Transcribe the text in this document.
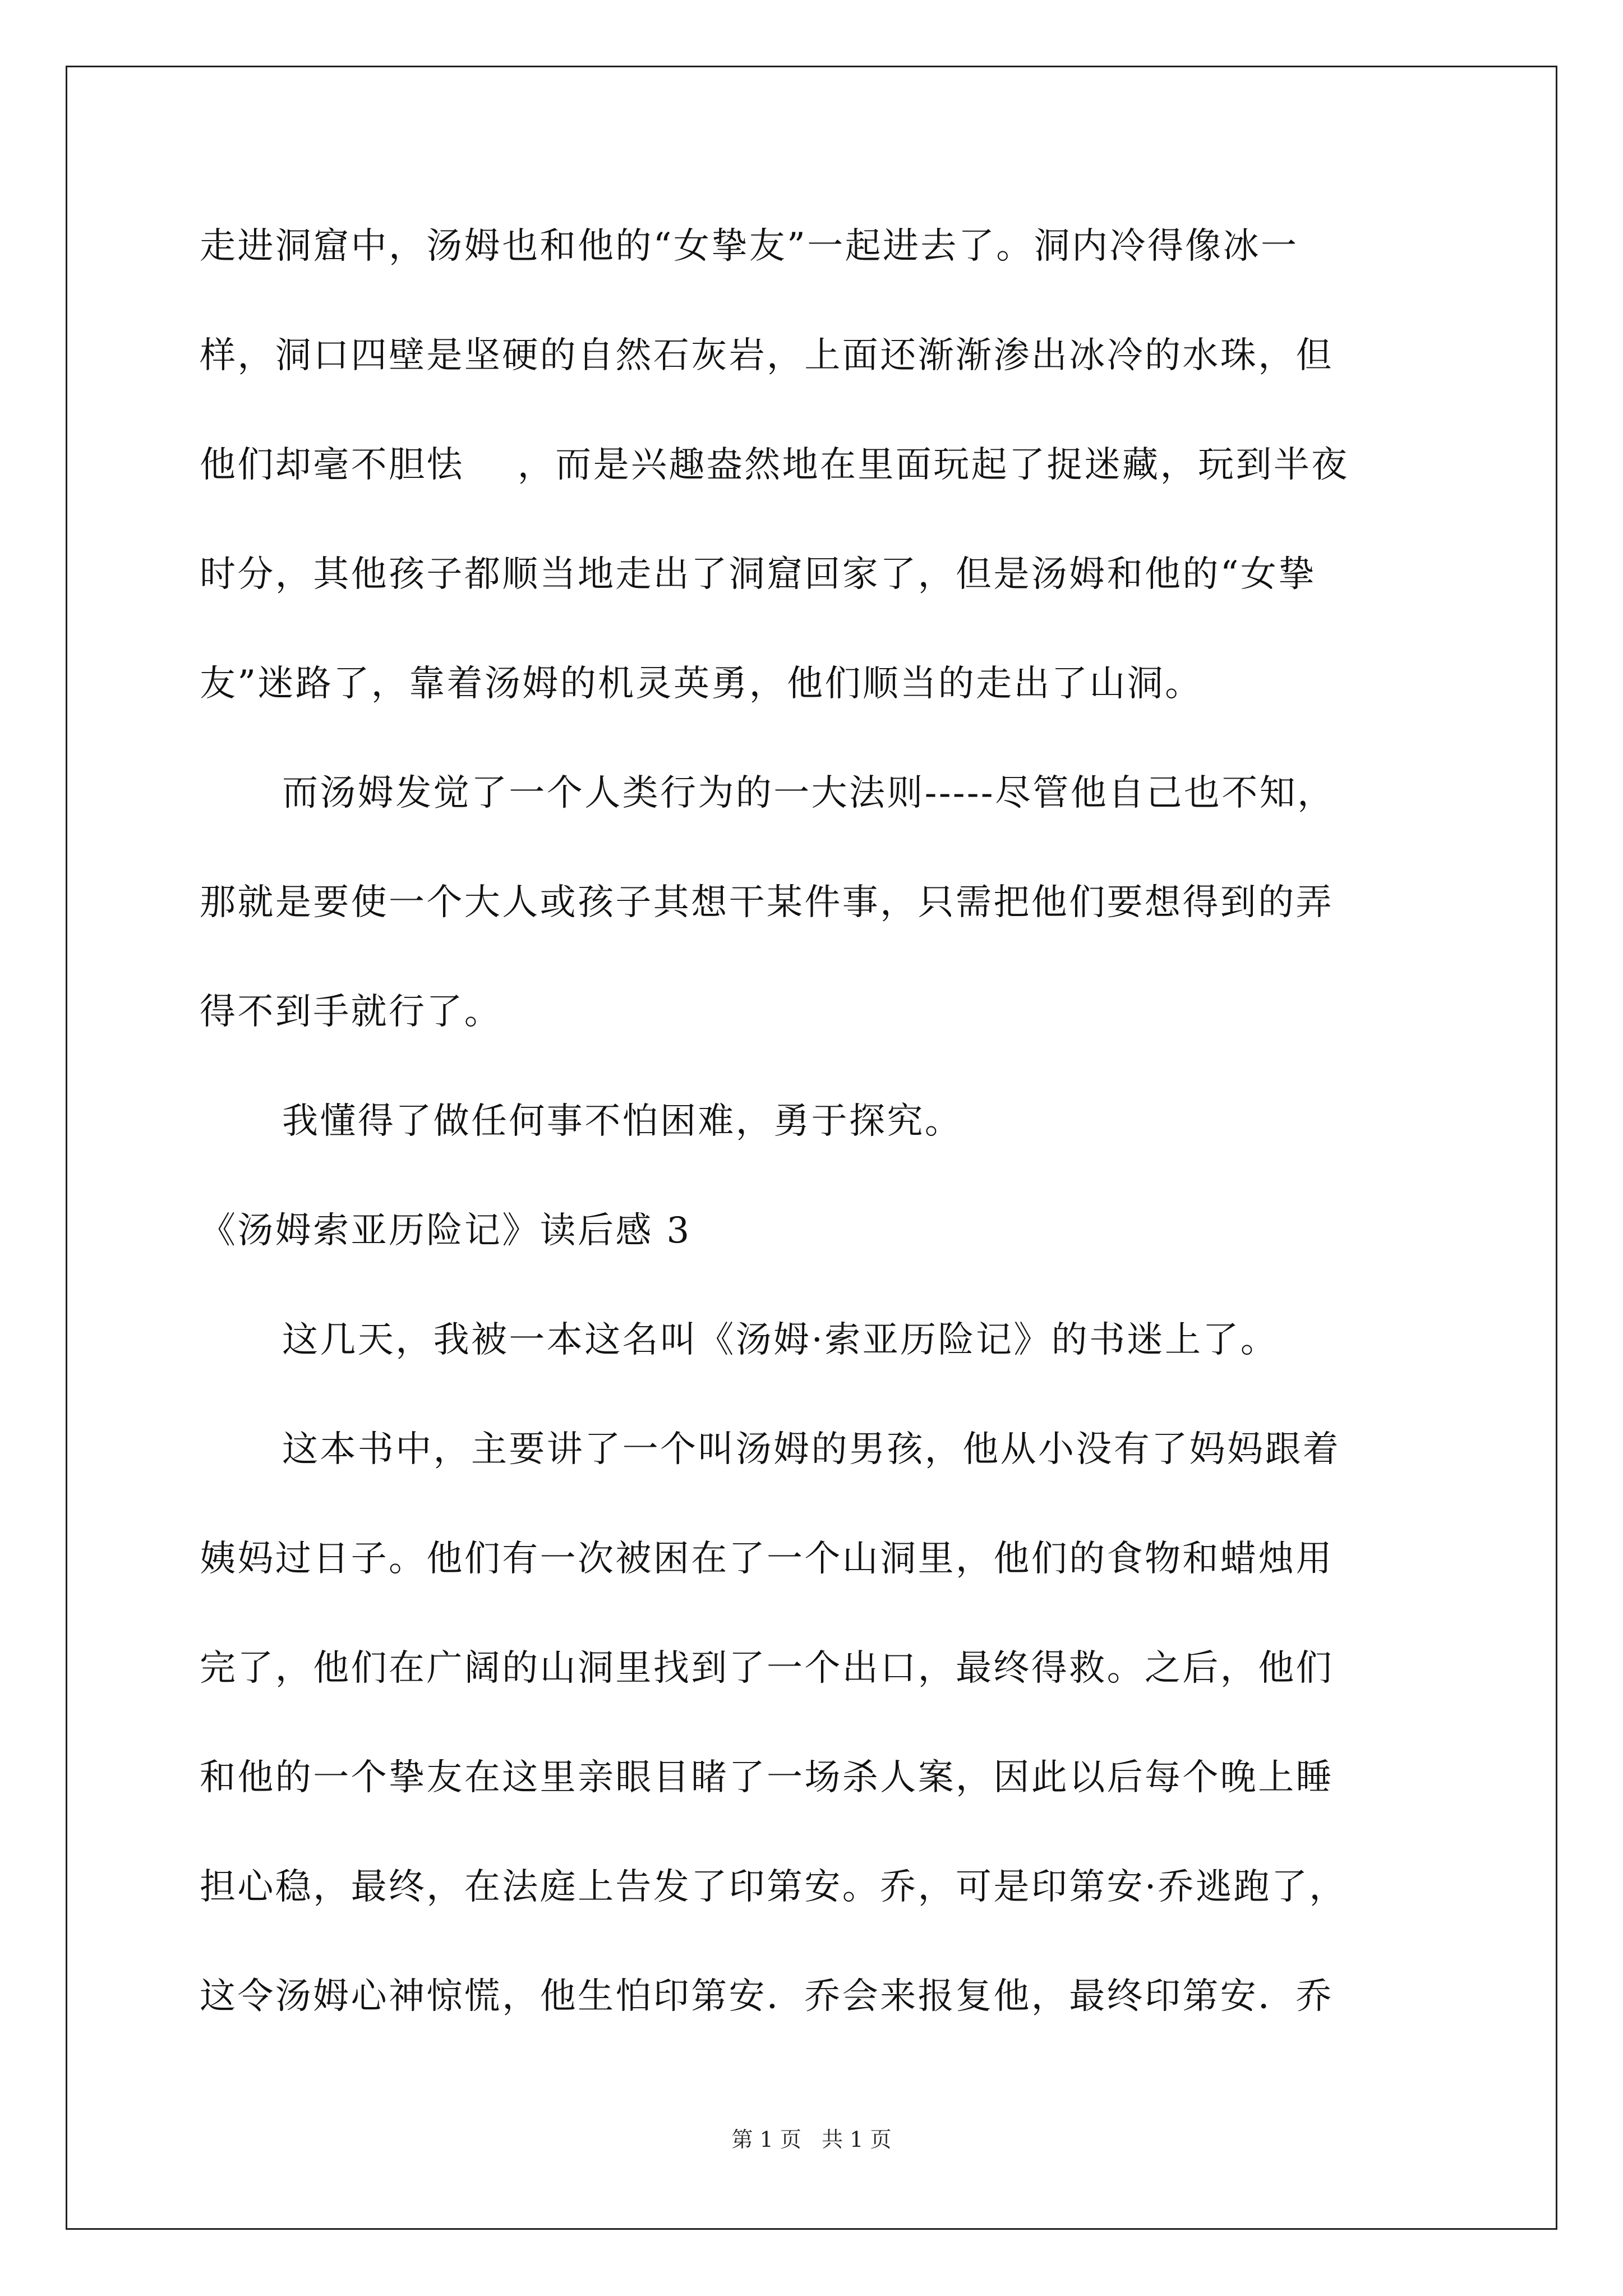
走进洞窟中，汤姆也和他的“女挚友”一起进去了。洞内冷得像冰一
样，洞口四壁是坚硬的自然石灰岩，上面还渐渐渗出冰冷的水珠，但
他们却毫不胆怯    ，而是兴趣盎然地在里面玩起了捉迷藏，玩到半夜
时分，其他孩子都顺当地走出了洞窟回家了，但是汤姆和他的“女挚
友”迷路了，靠着汤姆的机灵英勇，他们顺当的走出了山洞。
而汤姆发觉了一个人类行为的一大法则-----尽管他自己也不知，
那就是要使一个大人或孩子其想干某件事，只需把他们要想得到的弄
得不到手就行了。
我懂得了做任何事不怕困难，勇于探究。
《汤姆索亚历险记》读后感 3
这几天，我被一本这名叫《汤姆·索亚历险记》的书迷上了。
这本书中，主要讲了一个叫汤姆的男孩，他从小没有了妈妈跟着
姨妈过日子。他们有一次被困在了一个山洞里，他们的食物和蜡烛用
完了，他们在广阔的山洞里找到了一个出口，最终得救。之后，他们
和他的一个挚友在这里亲眼目睹了一场杀人案，因此以后每个晚上睡
担心稳，最终，在法庭上告发了印第安。乔，可是印第安·乔逃跑了，
这令汤姆心神惊慌，他生怕印第安．乔会来报复他，最终印第安．乔
第 1 页   共 1 页
